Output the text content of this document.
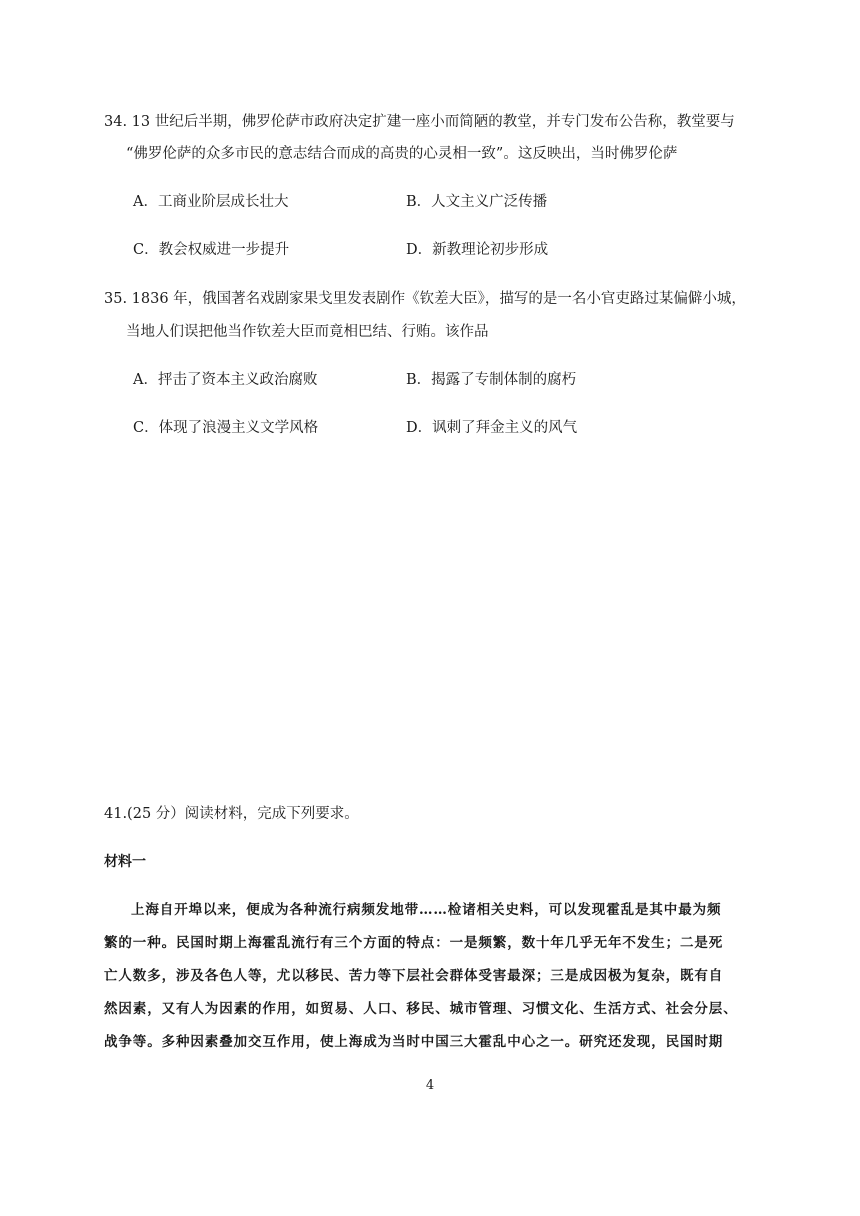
34. 13 世纪后半期，佛罗伦萨市政府决定扩建一座小而简陋的教堂，并专门发布公告称，教堂要与
“佛罗伦萨的众多市民的意志结合而成的高贵的心灵相一致”。这反映出，当时佛罗伦萨
A．工商业阶层成长壮大	B．人文主义广泛传播
C．教会权威进一步提升	D．新教理论初步形成
35. 1836 年，俄国著名戏剧家果戈里发表剧作《钦差大臣》，描写的是一名小官吏路过某偏僻小城，
当地人们误把他当作钦差大臣而竟相巴结、行贿。该作品
A．抨击了资本主义政治腐败	B．揭露了专制体制的腐朽
C．体现了浪漫主义文学风格	D．讽刺了拜金主义的风气
41.(25 分）阅读材料，完成下列要求。
材料一
上海自开埠以来，便成为各种流行病频发地带……检诸相关史料，可以发现霍乱是其中最为频
繁的一种。民国时期上海霍乱流行有三个方面的特点：一是频繁，数十年几乎无年不发生；二是死
亡人数多，涉及各色人等，尤以移民、苦力等下层社会群体受害最深；三是成因极为复杂，既有自
然因素，又有人为因素的作用，如贸易、人口、移民、城市管理、习惯文化、生活方式、社会分层、
战争等。多种因素叠加交互作用，使上海成为当时中国三大霍乱中心之一。研究还发现，民国时期
4
